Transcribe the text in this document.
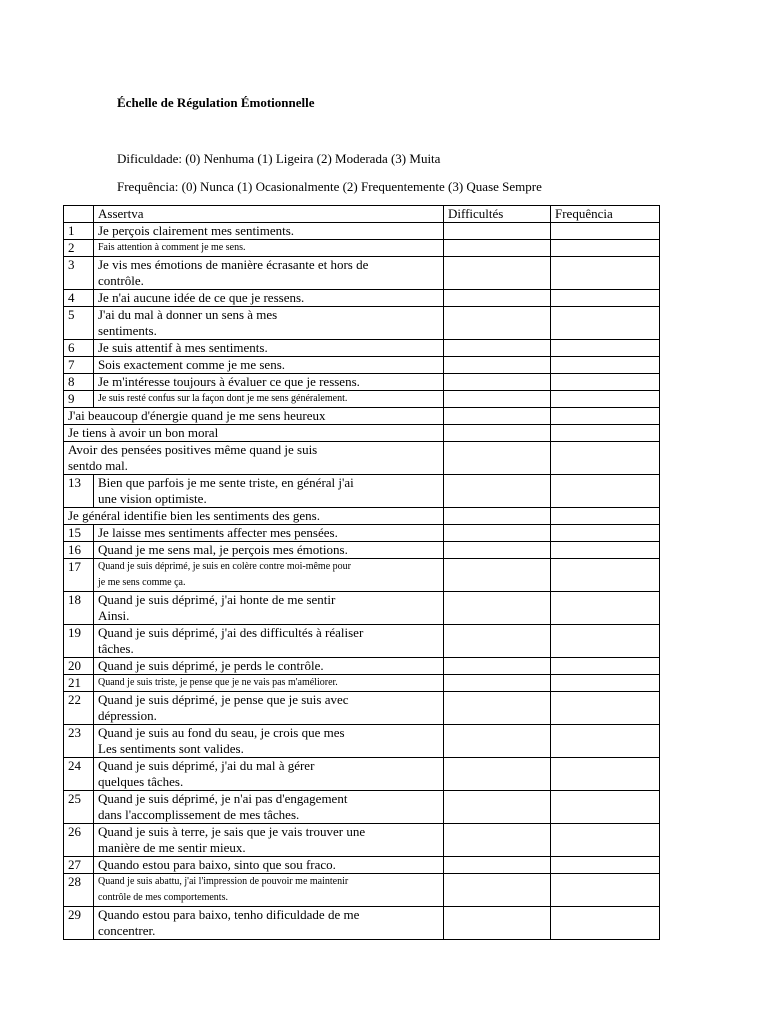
Échelle de Régulation Émotionnelle
Dificuldade: (0) Nenhuma (1) Ligeira (2) Moderada (3) Muita
Frequência: (0) Nunca (1) Ocasionalmente (2) Frequentemente (3) Quase Sempre
	Assertva	Difficultés	Frequência
1	Je perçois clairement mes sentiments.		

2	Fais attention à comment je me sens.		

3	Je vis mes émotions de manière écrasante et hors de
contrôle.		

4	Je n'ai aucune idée de ce que je ressens.		

5	J'ai du mal à donner un sens à mes
sentiments.		

6	Je suis attentif à mes sentiments.		

7	Sois exactement comme je me sens.		

8	Je m'intéresse toujours à évaluer ce que je ressens.		

9	Je suis resté confus sur la façon dont je me sens généralement.		

J'ai beaucoup d'énergie quand je me sens heureux			

Je tiens à avoir un bon moral			

Avoir des pensées positives même quand je suis
sentdo mal.			

13	Bien que parfois je me sente triste, en général j'ai
une vision optimiste.		

Je général identifie bien les sentiments des gens.			

15	Je laisse mes sentiments affecter mes pensées.		

16	Quand je me sens mal, je perçois mes émotions.		

17	Quand je suis déprimé, je suis en colère contre moi-même pour
je me sens comme ça.		

18	Quand je suis déprimé, j'ai honte de me sentir
Ainsi.		

19	Quand je suis déprimé, j'ai des difficultés à réaliser
tâches.		

20	Quand je suis déprimé, je perds le contrôle.		

21	Quand je suis triste, je pense que je ne vais pas m'améliorer.		

22	Quand je suis déprimé, je pense que je suis avec
dépression.		

23	Quand je suis au fond du seau, je crois que mes
Les sentiments sont valides.		

24	Quand je suis déprimé, j'ai du mal à gérer
quelques tâches.		

25	Quand je suis déprimé, je n'ai pas d'engagement
dans l'accomplissement de mes tâches.		

26	Quand je suis à terre, je sais que je vais trouver une
manière de me sentir mieux.		

27	Quando estou para baixo, sinto que sou fraco.		

28	Quand je suis abattu, j'ai l'impression de pouvoir me maintenir
contrôle de mes comportements.		

29	Quando estou para baixo, tenho dificuldade de me
concentrer.		
